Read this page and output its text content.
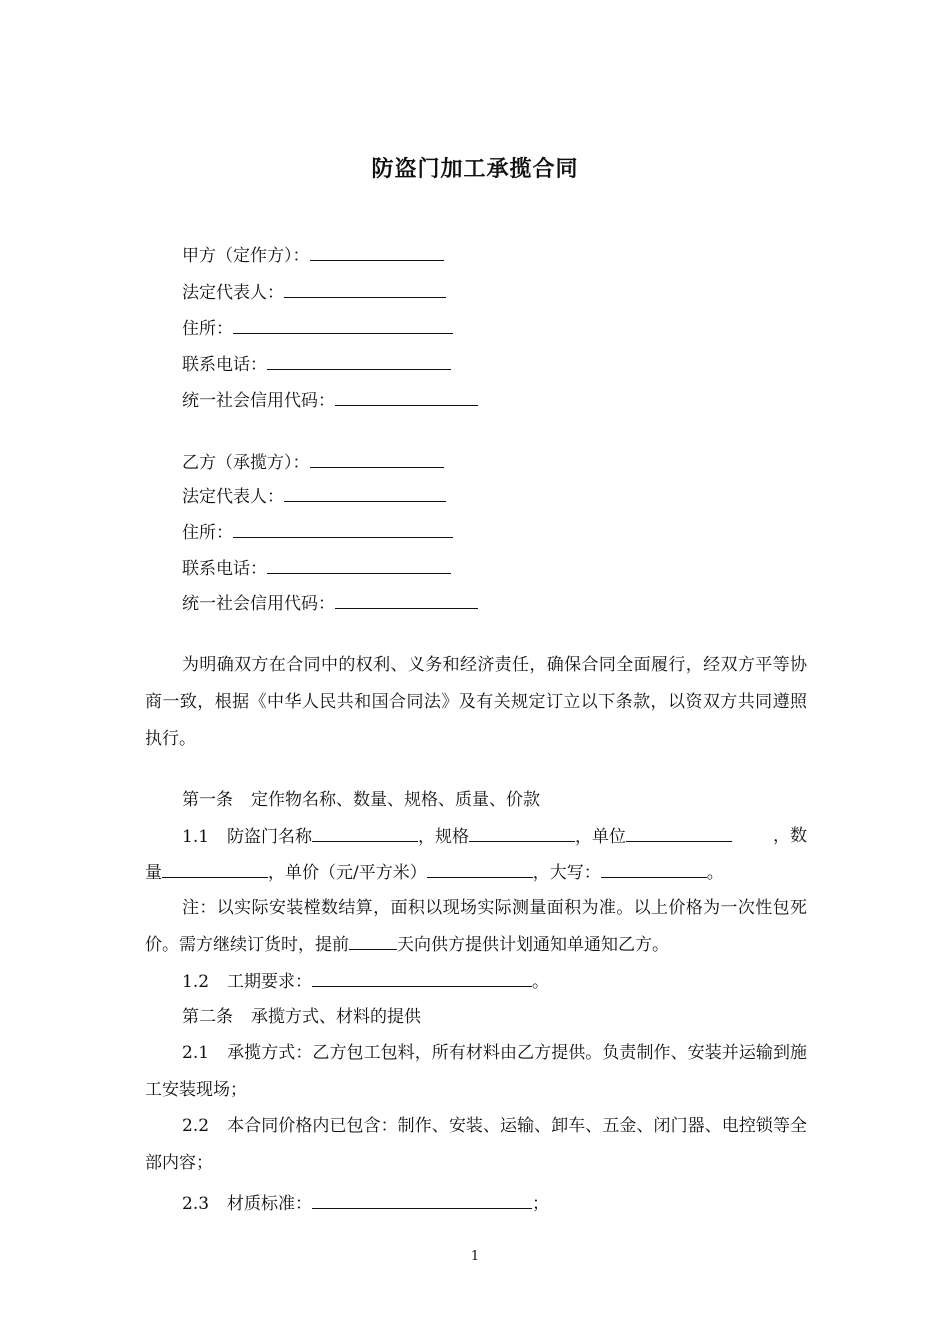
防盗门加工承揽合同
甲方（定作方）：
法定代表人：
住所：
联系电话：
统一社会信用代码：
乙方（承揽方）：
法定代表人：
住所：
联系电话：
统一社会信用代码：
为明确双方在合同中的权利、义务和经济责任，确保合同全面履行，经双方平等协商一致，根据《中华人民共和国合同法》及有关规定订立以下条款，以资双方共同遵照执行。
第一条 定作物名称、数量、规格、质量、价款
1.1 防盗门名称	，规格	，单位	，数
量	，单价（元/平方米）	，大写：	。
注：以实际安装樘数结算，面积以现场实际测量面积为准。以上价格为一次性包死价。需方继续订货时，提前	天向供方提供计划通知单通知乙方。
1.2 工期要求：	。
第二条 承揽方式、材料的提供
2.1 承揽方式：乙方包工包料，所有材料由乙方提供。负责制作、安装并运输到施工安装现场；
2.2 本合同价格内已包含：制作、安装、运输、卸车、五金、闭门器、电控锁等全部内容；
2.3 材质标准：	；
1
